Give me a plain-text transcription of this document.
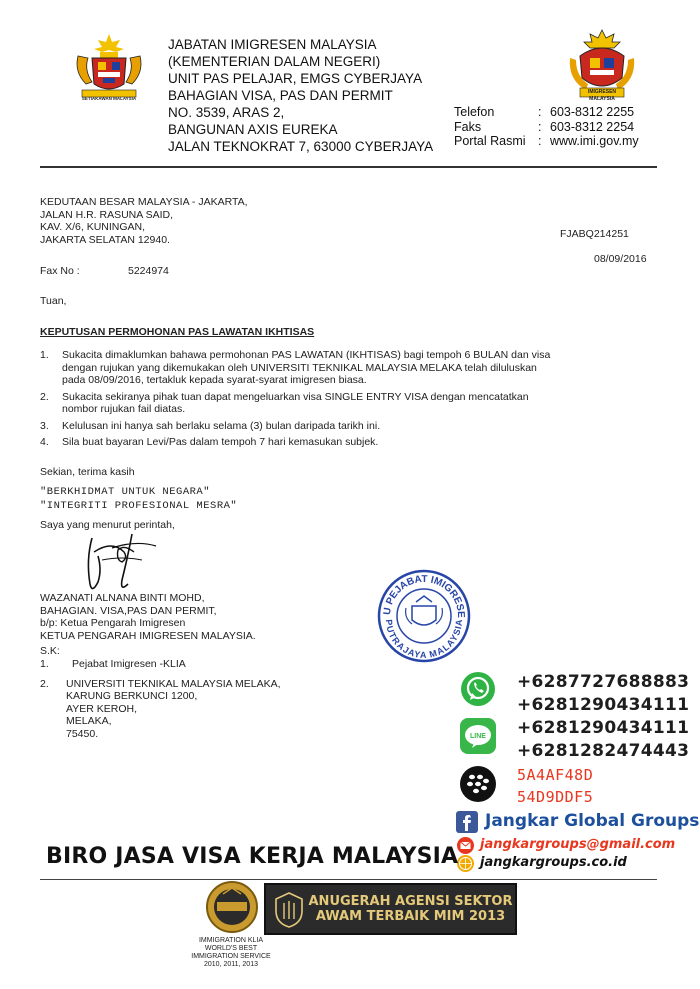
SETIAKAWAN MALAYSIA
JABATAN IMIGRESEN MALAYSIA
(KEMENTERIAN DALAM NEGERI)
UNIT PAS PELAJAR, EMGS CYBERJAYA
BAHAGIAN VISA, PAS DAN PERMIT
NO. 3539, ARAS 2,
BANGUNAN AXIS EUREKA
JALAN TEKNOKRAT 7, 63000 CYBERJAYA
IMIGRESEN MALAYSIA
Telefon	: 603-8312 2255
Faks	: 603-8312 2254
Portal Rasmi : www.imi.gov.my
KEDUTAAN BESAR MALAYSIA - JAKARTA,
JALAN H.R. RASUNA SAID,
KAV. X/6, KUNINGAN,
JAKARTA SELATAN 12940.	FJABQ214251
08/09/2016
Fax No :	5224974
Tuan,
KEPUTUSAN PERMOHONAN PAS LAWATAN IKHTISAS
1.	Sukacita dimaklumkan bahawa permohonan PAS LAWATAN (IKHTISAS) bagi tempoh 6 BULAN dan visa dengan rujukan yang dikemukakan oleh UNIVERSITI TEKNIKAL MALAYSIA MELAKA telah diluluskan pada 08/09/2016, tertakluk kepada syarat-syarat imigresen biasa.
2.	Sukacita sekiranya pihak tuan dapat mengeluarkan visa SINGLE ENTRY VISA dengan mencatatkan nombor rujukan fail diatas.
3.	Kelulusan ini hanya sah berlaku selama (3) bulan daripada tarikh ini.
4.	Sila buat bayaran Levi/Pas dalam tempoh 7 hari kemasukan subjek.
Sekian, terima kasih
"BERKHIDMAT UNTUK NEGARA"
"INTEGRITI PROFESIONAL MESRA"
Saya yang menurut perintah,
WAZANATI ALNANA BINTI MOHD,
BAHAGIAN. VISA,PAS DAN PERMIT,
b/p: Ketua Pengarah Imigresen
KETUA PENGARAH IMIGRESEN MALAYSIA.
S.K:
1.	Pejabat Imigresen -KLIA
2.	UNIVERSITI TEKNIKAL MALAYSIA MELAKA,
KARUNG BERKUNCI 1200,
AYER KEROH,
MELAKA,
75450.
U PEJABAT IMIGRESE
PUTRAJAYA MALAYSIA
LINE
+6287727688883
+6281290434111
+6281290434111
+6281282474443
5A4AF48D
54D9DDF5
Jangkar Global Groups
jangkargroups@gmail.com
jangkargroups.co.id
BIRO JASA VISA KERJA MALAYSIA
ANUGERAH AGENSI SEKTOR
AWAM TERBAIK MIM 2013
IMMIGRATION KLIA
WORLD'S BEST
IMMIGRATION SERVICE
2010, 2011, 2013
